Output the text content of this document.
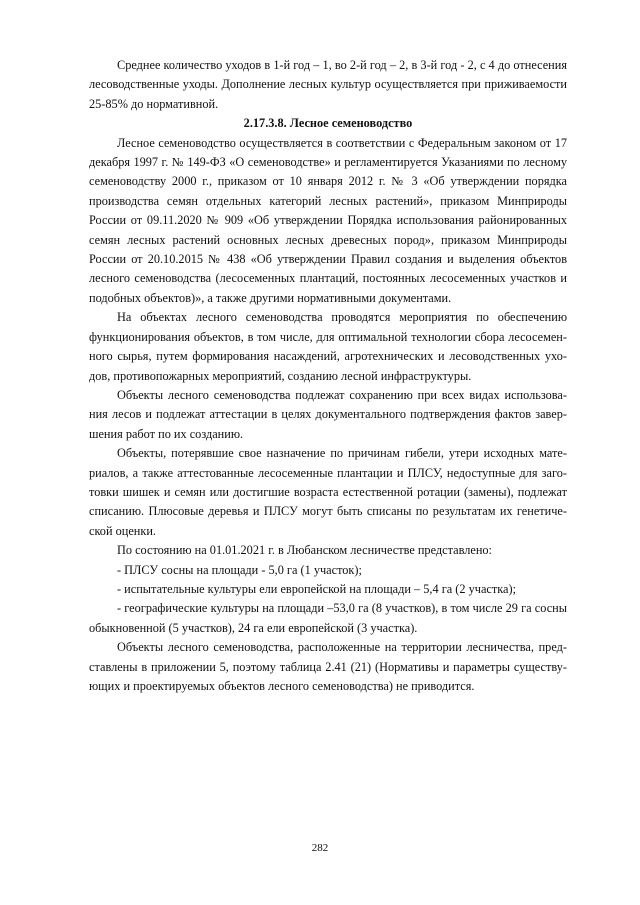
Среднее количество уходов в 1-й год – 1, во 2-й год – 2, в 3-й год - 2, с 4 до отнесения лесоводственные уходы. Дополнение лесных культур осуществляется при приживаемости 25-85% до нормативной.

2.17.3.8. Лесное семеноводство

Лесное семеноводство осуществляется в соответствии с Федеральным законом от 17 декабря 1997 г. № 149-ФЗ «О семеноводстве» и регламентируется Указаниями по лесному семеноводству 2000 г., приказом от 10 января 2012 г. № 3 «Об утверждении порядка производства семян отдельных категорий лесных растений», приказом Минприроды России от 09.11.2020 № 909 «Об утверждении Порядка использования районированных семян лесных растений основных лесных древесных пород», приказом Минприроды России от 20.10.2015 № 438 «Об утверждении Правил создания и выделения объектов лесного семеноводства (лесосеменных плантаций, постоянных лесосеменных участков и подобных объектов)», а также другими нормативными документами.

На объектах лесного семеноводства проводятся мероприятия по обеспечению функционирования объектов, в том числе, для оптимальной технологии сбора лесосеменного сырья, путем формирования насаждений, агротехнических и лесоводственных уходов, противопожарных мероприятий, созданию лесной инфраструктуры.

Объекты лесного семеноводства подлежат сохранению при всех видах использования лесов и подлежат аттестации в целях документального подтверждения фактов завершения работ по их созданию.

Объекты, потерявшие свое назначение по причинам гибели, утери исходных материалов, а также аттестованные лесосеменные плантации и ПЛСУ, недоступные для заготовки шишек и семян или достигшие возраста естественной ротации (замены), подлежат списанию. Плюсовые деревья и ПЛСУ могут быть списаны по результатам их генетической оценки.

По состоянию на 01.01.2021 г. в Любанском лесничестве представлено:

- ПЛСУ сосны на площади - 5,0 га (1 участок);

- испытательные культуры ели европейской на площади – 5,4 га (2 участка);

- географические культуры на площади –53,0 га (8 участков), в том числе 29 га сосны обыкновенной (5 участков), 24 га ели европейской (3 участка).

Объекты лесного семеноводства, расположенные на территории лесничества, представлены в приложении 5, поэтому таблица 2.41 (21) (Нормативы и параметры существующих и проектируемых объектов лесного семеноводства) не приводится.

282
